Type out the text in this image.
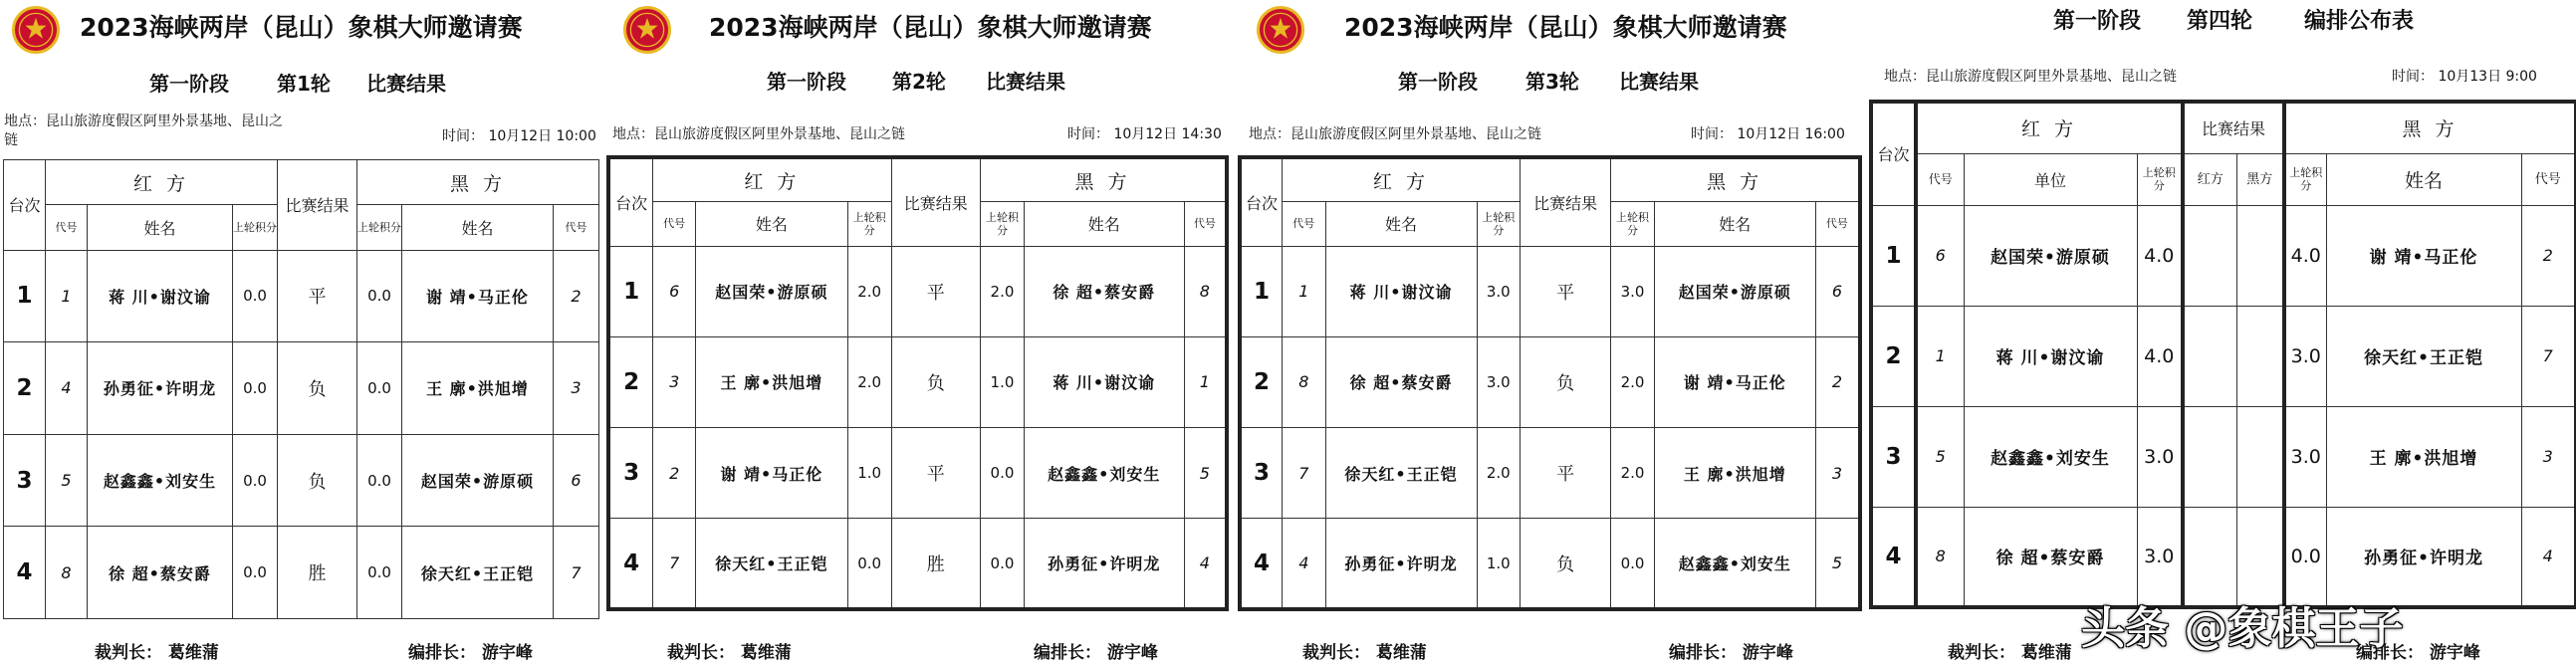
2023海峡两岸（昆山）象棋大师邀请赛
第一阶段 第1轮 比赛结果
地点：昆山旅游度假区阿里外景基地、昆山之
链	时间： 10月12日 10:00
台次	红 方			比赛结果	黑 方		
	代号	姓名	上轮积分		上轮积分	姓名	代号
1	1	蒋 川•谢汶谕	0.0	平	0.0	谢 靖•马正伦	2
2	4	孙勇征•许明龙	0.0	负	0.0	王 廓•洪旭增	3
3	5	赵鑫鑫•刘安生	0.0	负	0.0	赵国荣•游原硕	6
4	8	徐 超•蔡安爵	0.0	胜	0.0	徐天红•王正铠	7
裁判长： 葛维蒲	编排长： 游宇峰
2023海峡两岸（昆山）象棋大师邀请赛
第一阶段 第2轮 比赛结果
地点：昆山旅游度假区阿里外景基地、昆山之链	时间： 10月12日 14:30
台次	红 方			比赛结果	黑 方		
	代号	姓名	上轮积分		上轮积分	姓名	代号
1	6	赵国荣•游原硕	2.0	平	2.0	徐 超•蔡安爵	8
2	3	王 廓•洪旭增	2.0	负	1.0	蒋 川•谢汶谕	1
3	2	谢 靖•马正伦	1.0	平	0.0	赵鑫鑫•刘安生	5
4	7	徐天红•王正铠	0.0	胜	0.0	孙勇征•许明龙	4
裁判长： 葛维蒲	编排长： 游宇峰
2023海峡两岸（昆山）象棋大师邀请赛
第一阶段 第3轮 比赛结果
地点：昆山旅游度假区阿里外景基地、昆山之链	时间： 10月12日 16:00
台次	红 方			比赛结果	黑 方		
	代号	姓名	上轮积分		上轮积分	姓名	代号
1	1	蒋 川•谢汶谕	3.0	平	3.0	赵国荣•游原硕	6
2	8	徐 超•蔡安爵	3.0	负	2.0	谢 靖•马正伦	2
3	7	徐天红•王正铠	2.0	平	2.0	王 廓•洪旭增	3
4	4	孙勇征•许明龙	1.0	负	0.0	赵鑫鑫•刘安生	5
裁判长： 葛维蒲	编排长： 游宇峰
第一阶段 第四轮 编排公布表
地点：昆山旅游度假区阿里外景基地、昆山之链	时间： 10月13日 9:00
台次	红 方			比赛结果		黑 方		
	代号	单位	上轮积分	红方	黑方	上轮积分	姓名	代号
1	6	赵国荣•游原硕	4.0			4.0	谢 靖•马正伦	2
2	1	蒋 川•谢汶谕	4.0			3.0	徐天红•王正铠	7
3	5	赵鑫鑫•刘安生	3.0			3.0	王 廓•洪旭增	3
4	8	徐 超•蔡安爵	3.0			0.0	孙勇征•许明龙	4
裁判长： 葛维蒲	编排长： 游宇峰
头条 @象棋王子
